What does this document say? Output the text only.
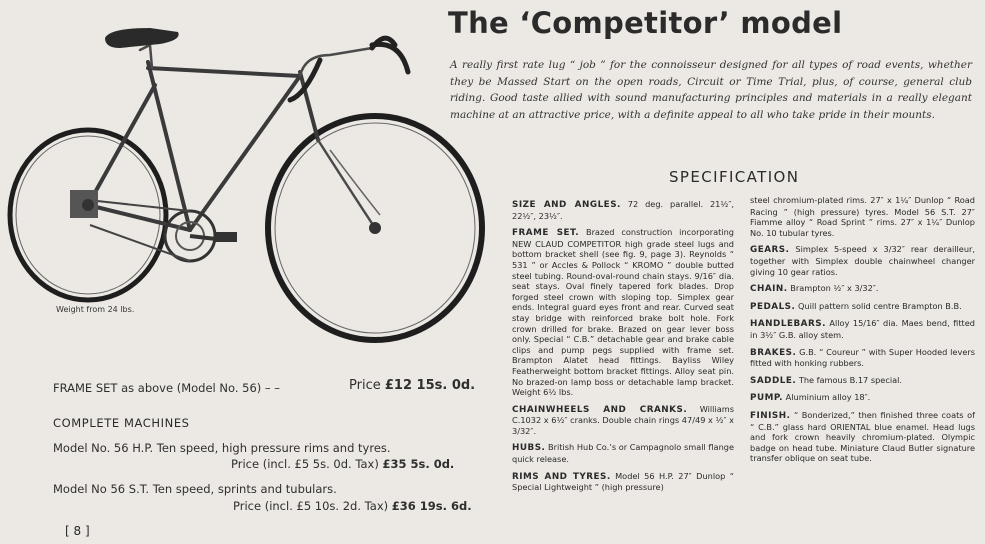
The ‘Competitor’ model
A really first rate lug “ job ” for the connoisseur designed for all types of road events, whether they be Massed Start on the open roads, Circuit or Time Trial, plus, of course, general club riding. Good taste allied with sound manufacturing principles and materials in a really elegant machine at an attractive price, with a definite appeal to all who take pride in their mounts.
Weight from 24 lbs.
SPECIFICATION
FRAME SET as above (Model No. 56) – –	Price £12 15s. 0d.
COMPLETE MACHINES
Model No. 56 H.P. Ten speed, high pressure rims and tyres.
Price (incl. £5 5s. 0d. Tax) £35 5s. 0d.
Model No 56 S.T. Ten speed, sprints and tubulars.
Price (incl. £5 10s. 2d. Tax) £36 19s. 6d.
[ 8 ]

SIZE AND ANGLES. 72 deg. parallel. 21½″, 22½″, 23½″.

FRAME SET. Brazed construction incorporating NEW CLAUD COMPETITOR high grade steel lugs and bottom bracket shell (see fig. 9, page 3). Reynolds “ 531 ” or Accles & Pollock “ KROMO ” double butted steel tubing. Round-oval-round chain stays. 9/16″ dia. seat stays. Oval finely tapered fork blades. Drop forged steel crown with sloping top. Simplex gear ends. Integral guard eyes front and rear. Curved seat stay bridge with reinforced brake bolt hole. Fork crown drilled for brake. Brazed on gear lever boss only. Special “ C.B.” detachable gear and brake cable clips and pump pegs supplied with frame set. Brampton Alatet head fittings. Bayliss Wiley Featherweight bottom bracket fittings. Alloy seat pin. No brazed-on lamp boss or detachable lamp bracket. Weight 6½ lbs.

CHAINWHEELS AND CRANKS. Williams C.1032 x 6½″ cranks. Double chain rings 47/49 x ½″ x 3/32″.

HUBS. British Hub Co.’s or Campagnolo small flange quick release.

RIMS AND TYRES. Model 56 H.P. 27″ Dunlop “ Special Lightweight ” (high pressure)

steel chromium-plated rims. 27″ x 1¼″ Dunlop “ Road Racing ” (high pressure) tyres. Model 56 S.T. 27″ Fiamme alloy “ Road Sprint ” rims. 27″ x 1¼″ Dunlop No. 10 tubular tyres.

GEARS. Simplex 5-speed x 3/32″ rear derailleur, together with Simplex double chainwheel changer giving 10 gear ratios.

CHAIN. Brampton ½″ x 3/32″.

PEDALS. Quill pattern solid centre Brampton B.B.

HANDLEBARS. Alloy 15/16″ dia. Maes bend, fitted in 3½″ G.B. alloy stem.

BRAKES. G.B. “ Coureur ” with Super Hooded levers fitted with honking rubbers.

SADDLE. The famous B.17 special.

PUMP. Aluminium alloy 18″.

FINISH. “ Bonderized,” then finished three coats of “ C.B.” glass hard ORIENTAL blue enamel. Head lugs and fork crown heavily chromium-plated. Olympic badge on head tube. Miniature Claud Butler signature transfer oblique on seat tube.
